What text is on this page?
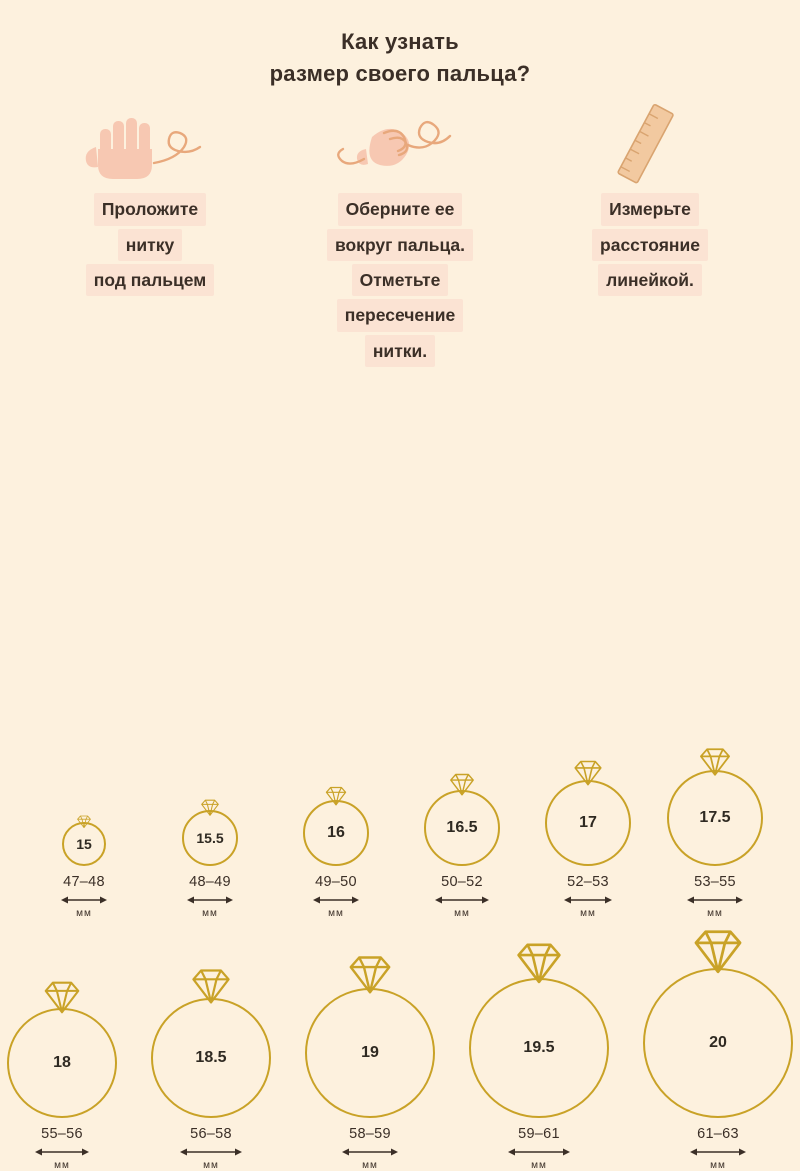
Как узнать
размер своего пальца?
Проложите
нитку
под пальцем
Оберните ее
вокруг пальца.
Отметьте
пересечение
нитки.
Измерьте
расстояние
линейкой.
15
47–48
мм
15.5
48–49
мм
16
49–50
мм
16.5
50–52
мм
17
52–53
мм
17.5
53–55
мм
18
55–56
мм
18.5
56–58
мм
19
58–59
мм
19.5
59–61
мм
20
61–63
мм
